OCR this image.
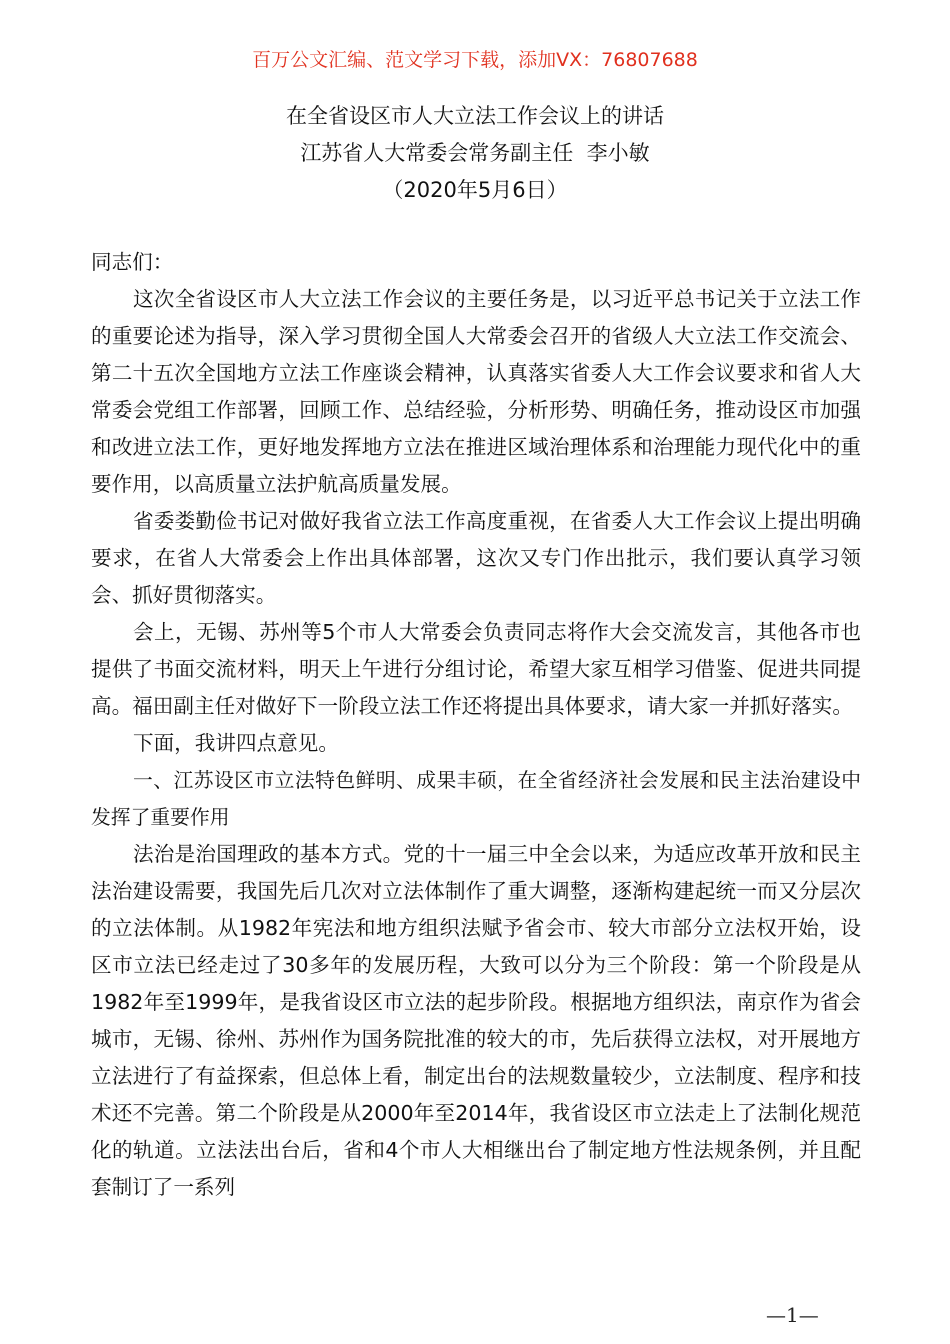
百万公文汇编、范文学习下载，添加VX：76807688
在全省设区市人大立法工作会议上的讲话
江苏省人大常委会常务副主任  李小敏
（2020年5月6日）

同志们：

这次全省设区市人大立法工作会议的主要任务是，以习近平总书记关于立法工作的重要论述为指导，深入学习贯彻全国人大常委会召开的省级人大立法工作交流会、第二十五次全国地方立法工作座谈会精神，认真落实省委人大工作会议要求和省人大常委会党组工作部署，回顾工作、总结经验，分析形势、明确任务，推动设区市加强和改进立法工作，更好地发挥地方立法在推进区域治理体系和治理能力现代化中的重要作用，以高质量立法护航高质量发展。

省委娄勤俭书记对做好我省立法工作高度重视，在省委人大工作会议上提出明确要求，在省人大常委会上作出具体部署，这次又专门作出批示，我们要认真学习领会、抓好贯彻落实。

会上，无锡、苏州等5个市人大常委会负责同志将作大会交流发言，其他各市也提供了书面交流材料，明天上午进行分组讨论，希望大家互相学习借鉴、促进共同提高。福田副主任对做好下一阶段立法工作还将提出具体要求，请大家一并抓好落实。

下面，我讲四点意见。

一、江苏设区市立法特色鲜明、成果丰硕，在全省经济社会发展和民主法治建设中发挥了重要作用

法治是治国理政的基本方式。党的十一届三中全会以来，为适应改革开放和民主法治建设需要，我国先后几次对立法体制作了重大调整，逐渐构建起统一而又分层次的立法体制。从1982年宪法和地方组织法赋予省会市、较大市部分立法权开始，设区市立法已经走过了30多年的发展历程，大致可以分为三个阶段：第一个阶段是从1982年至1999年，是我省设区市立法的起步阶段。根据地方组织法，南京作为省会城市，无锡、徐州、苏州作为国务院批准的较大的市，先后获得立法权，对开展地方立法进行了有益探索，但总体上看，制定出台的法规数量较少，立法制度、程序和技术还不完善。第二个阶段是从2000年至2014年，我省设区市立法走上了法制化规范化的轨道。立法法出台后，省和4个市人大相继出台了制定地方性法规条例，并且配套制订了一系列

—1—
